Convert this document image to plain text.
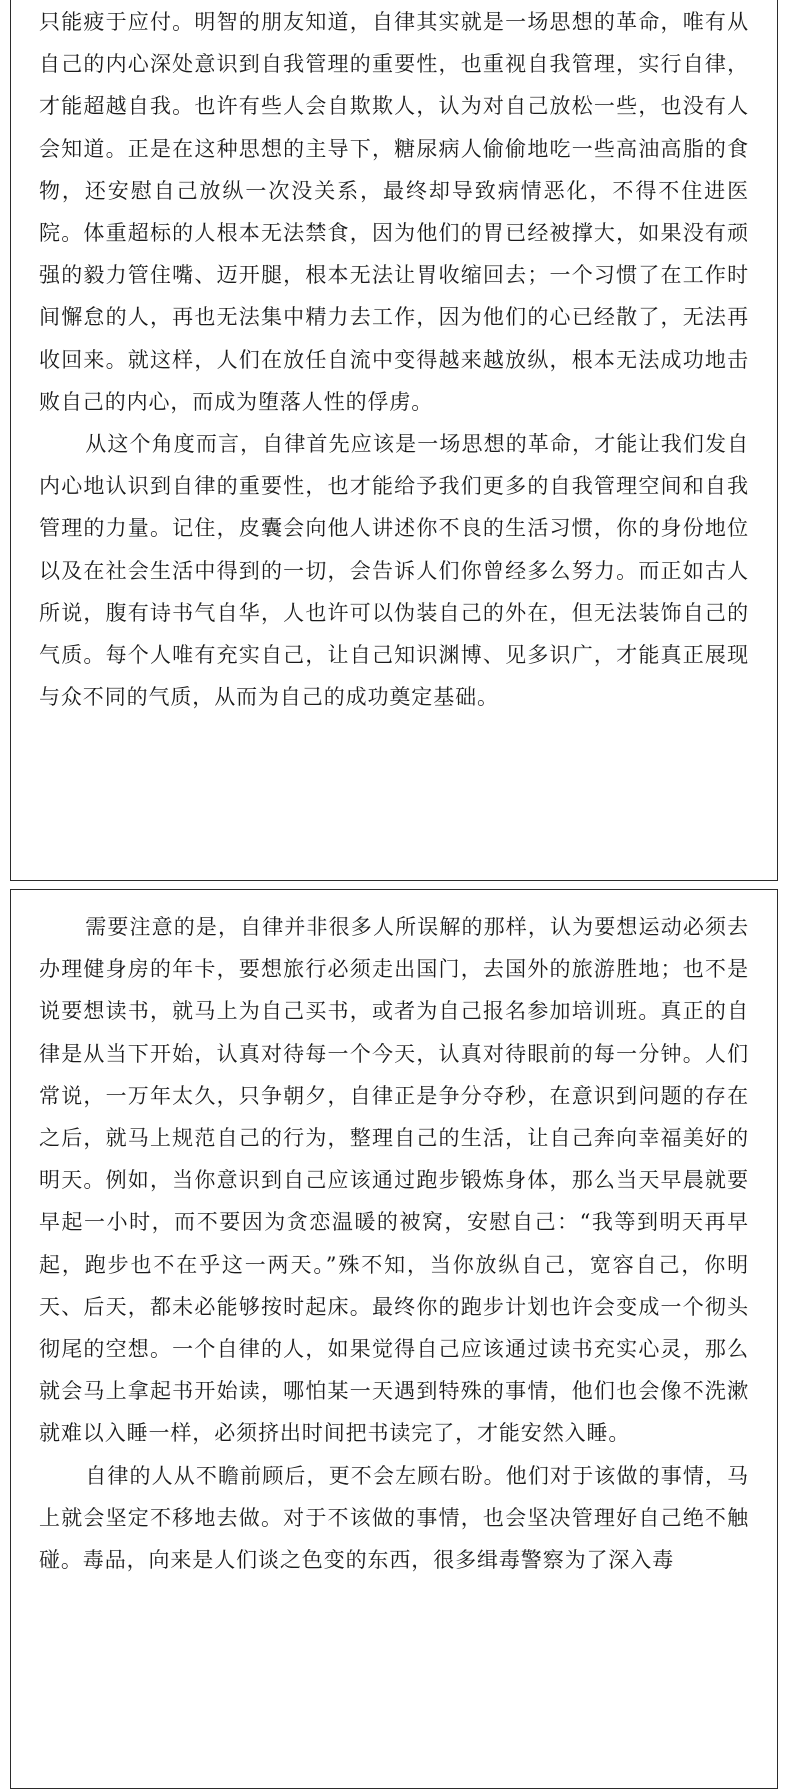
只能疲于应付。明智的朋友知道，自律其实就是一场思想的革命，唯有从自己的内心深处意识到自我管理的重要性，也重视自我管理，实行自律，才能超越自我。也许有些人会自欺欺人，认为对自己放松一些，也没有人会知道。正是在这种思想的主导下，糖尿病人偷偷地吃一些高油高脂的食物，还安慰自己放纵一次没关系，最终却导致病情恶化，不得不住进医院。体重超标的人根本无法禁食，因为他们的胃已经被撑大，如果没有顽强的毅力管住嘴、迈开腿，根本无法让胃收缩回去；一个习惯了在工作时间懈怠的人，再也无法集中精力去工作，因为他们的心已经散了，无法再收回来。就这样，人们在放任自流中变得越来越放纵，根本无法成功地击败自己的内心，而成为堕落人性的俘虏。

从这个角度而言，自律首先应该是一场思想的革命，才能让我们发自内心地认识到自律的重要性，也才能给予我们更多的自我管理空间和自我管理的力量。记住，皮囊会向他人讲述你不良的生活习惯，你的身份地位以及在社会生活中得到的一切，会告诉人们你曾经多么努力。而正如古人所说，腹有诗书气自华，人也许可以伪装自己的外在，但无法装饰自己的气质。每个人唯有充实自己，让自己知识渊博、见多识广，才能真正展现与众不同的气质，从而为自己的成功奠定基础。

需要注意的是，自律并非很多人所误解的那样，认为要想运动必须去办理健身房的年卡，要想旅行必须走出国门，去国外的旅游胜地；也不是说要想读书，就马上为自己买书，或者为自己报名参加培训班。真正的自律是从当下开始，认真对待每一个今天，认真对待眼前的每一分钟。人们常说，一万年太久，只争朝夕，自律正是争分夺秒，在意识到问题的存在之后，就马上规范自己的行为，整理自己的生活，让自己奔向幸福美好的明天。例如，当你意识到自己应该通过跑步锻炼身体，那么当天早晨就要早起一小时，而不要因为贪恋温暖的被窝，安慰自己：“我等到明天再早起，跑步也不在乎这一两天。”殊不知，当你放纵自己，宽容自己，你明天、后天，都未必能够按时起床。最终你的跑步计划也许会变成一个彻头彻尾的空想。一个自律的人，如果觉得自己应该通过读书充实心灵，那么就会马上拿起书开始读，哪怕某一天遇到特殊的事情，他们也会像不洗漱就难以入睡一样，必须挤出时间把书读完了，才能安然入睡。

自律的人从不瞻前顾后，更不会左顾右盼。他们对于该做的事情，马上就会坚定不移地去做。对于不该做的事情，也会坚决管理好自己绝不触碰。毒品，向来是人们谈之色变的东西，很多缉毒警察为了深入毒
